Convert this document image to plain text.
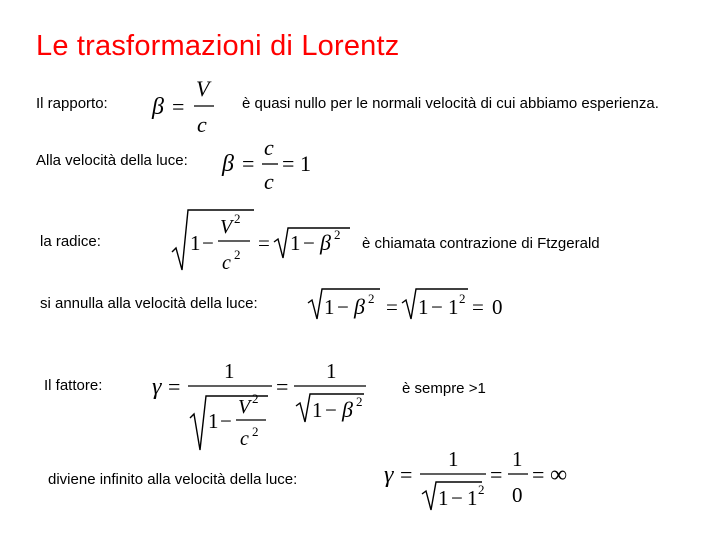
Le trasformazioni di Lorentz
Il rapporto: β =
V
c
è quasi nullo per le normali velocità di cui abbiamo esperienza.
Alla velocità della luce: β =
c
c
= 1
la radice:	1 −
V 2
c 2 = 1 − β 2
è chiamata contrazione di Ftzgerald
si annulla alla velocità della luce:	1 − β 2 = 1 − 1 2 = 0
Il fattore: γ =
1
1 −
V 2
c 2
=
1
1 − β 2
è sempre >1
diviene infinito alla velocità della luce:	γ =
1
1 − 1 2
=
1
0
= ∞
